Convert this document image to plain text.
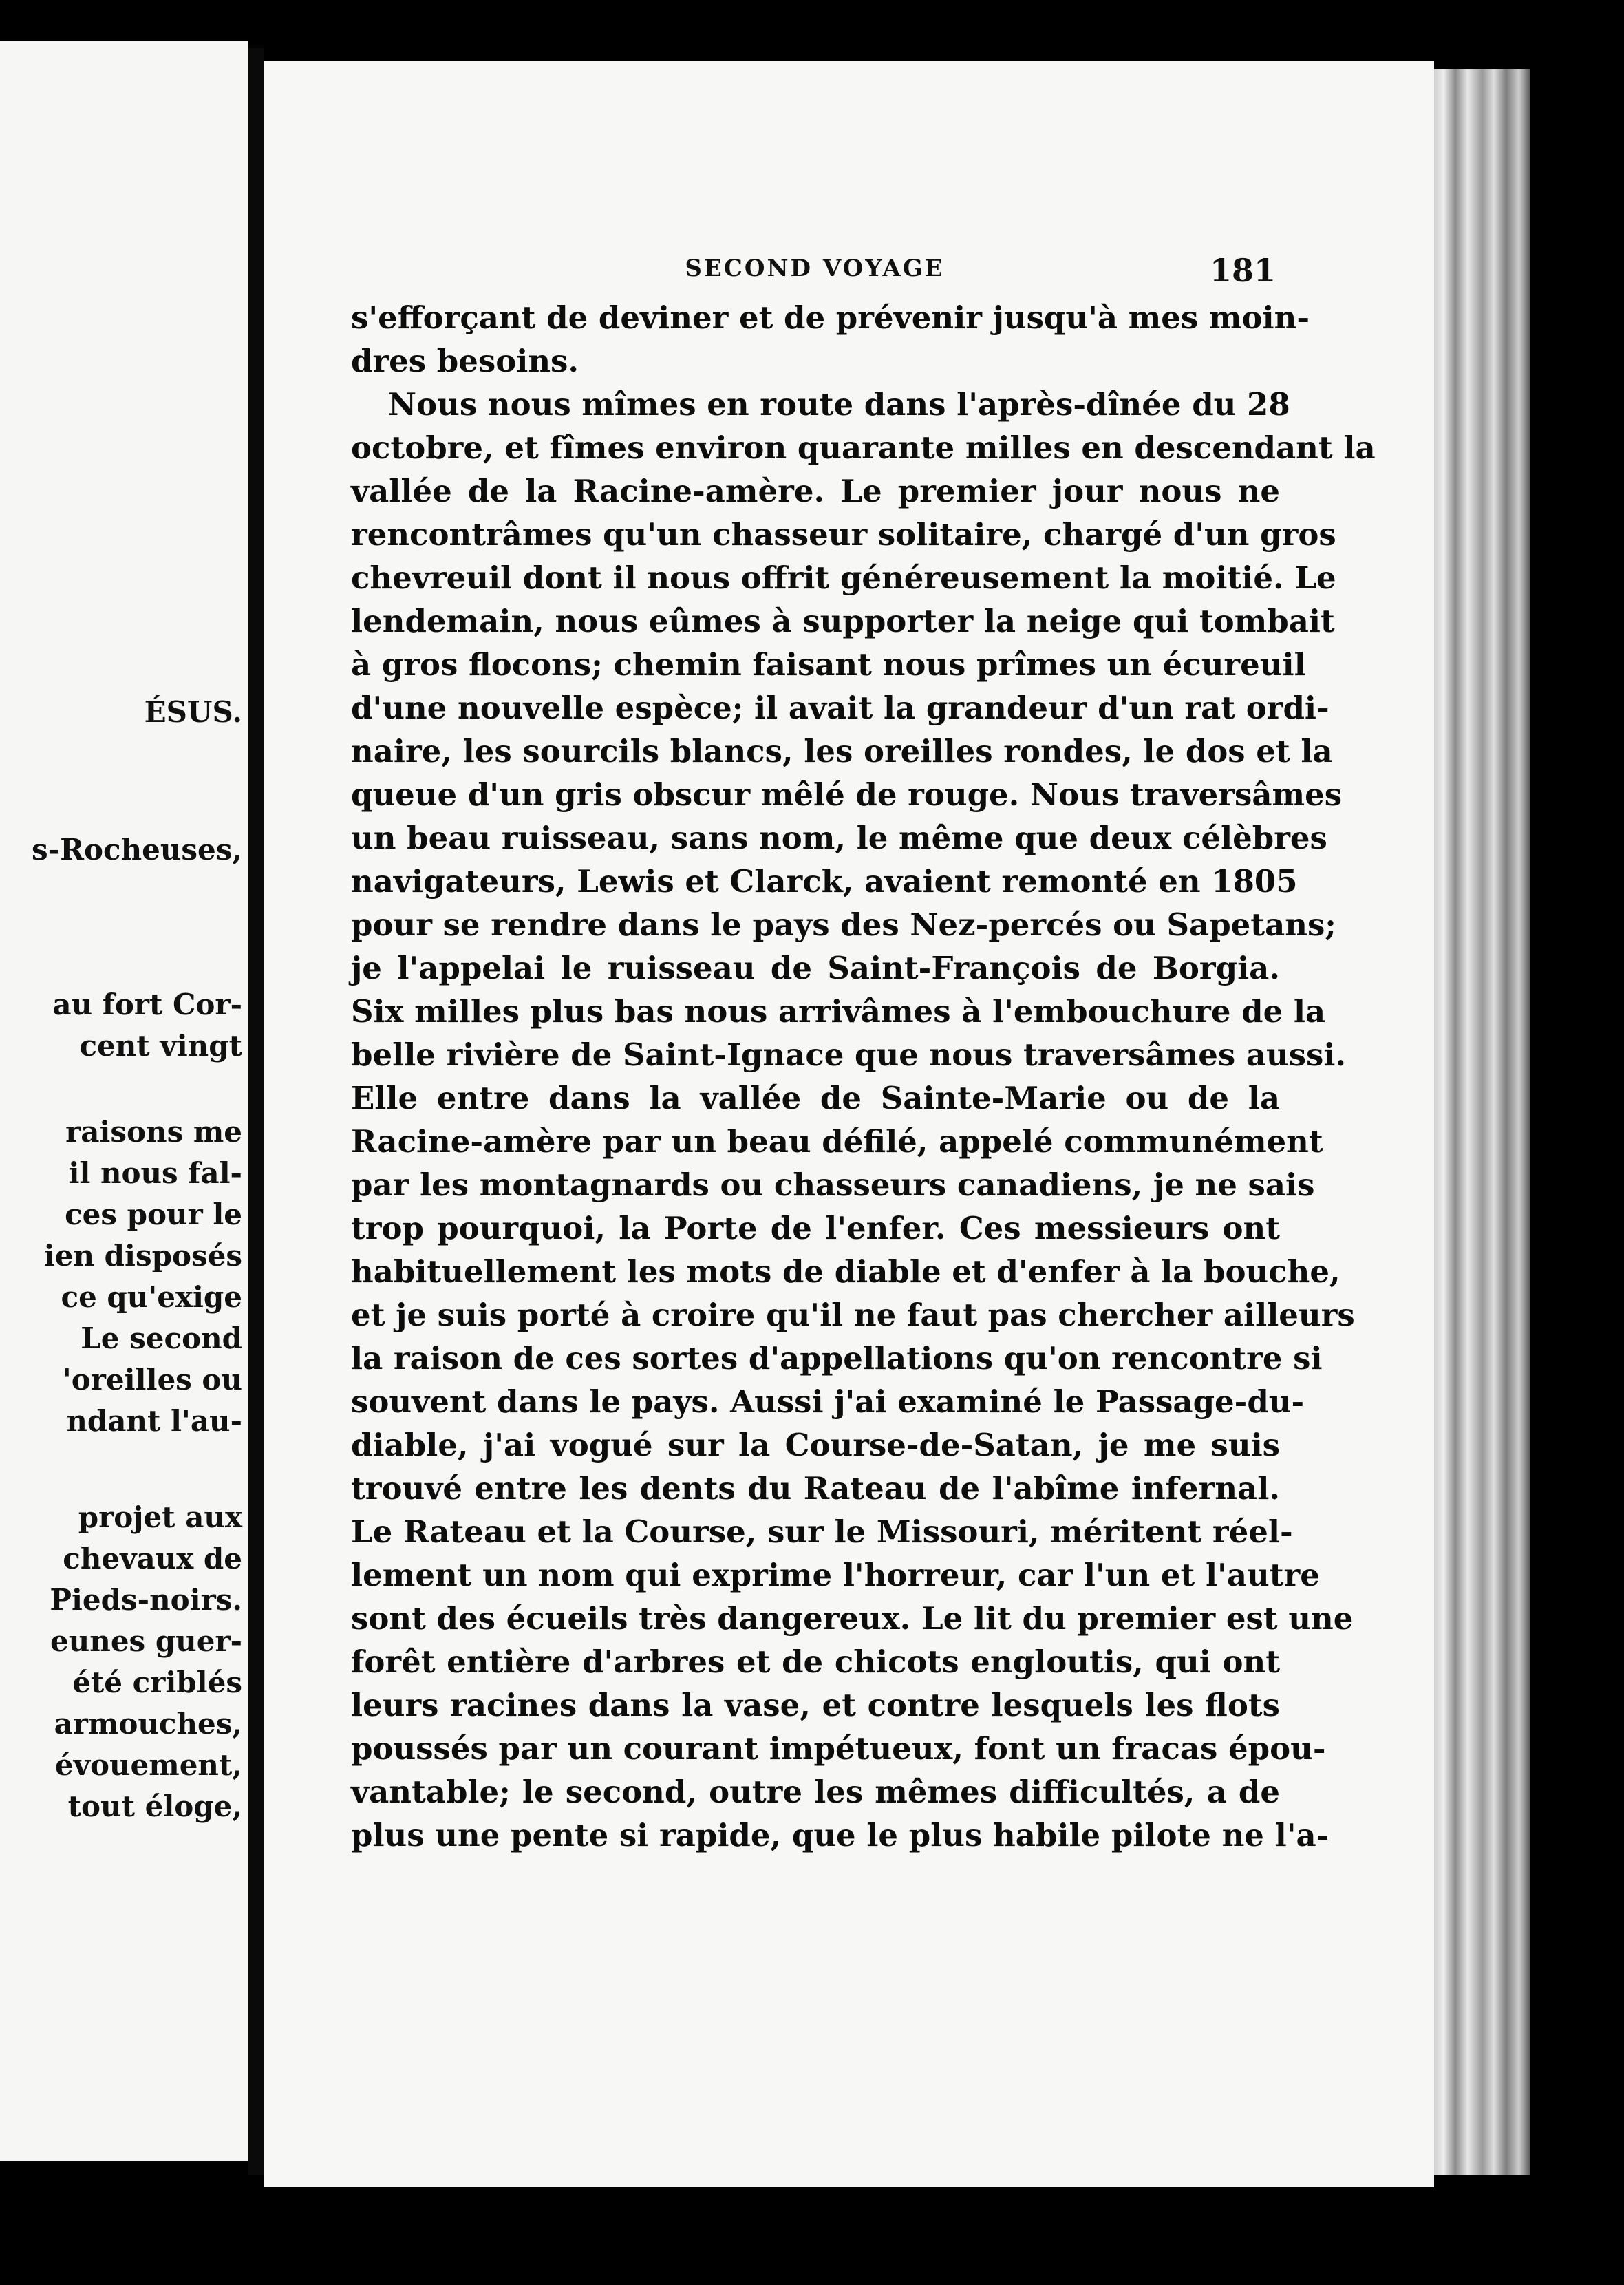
ÉSUS.
s-Rocheuses,
au fort Cor-
cent vingt
raisons me
il nous fal-
ces pour le
ien disposés
ce qu'exige
Le second
'oreilles ou
ndant l'au-
projet aux
chevaux de
Pieds-noirs.
eunes guer-
été criblés
armouches,
évouement,
tout éloge,
SECOND VOYAGE	181
s'efforçant de deviner et de prévenir jusqu'à mes moin-
dres besoins.
Nous nous mîmes en route dans l'après-dînée du 28
octobre, et fîmes environ quarante milles en descendant la
vallée de la Racine-amère. Le premier jour nous ne
rencontrâmes qu'un chasseur solitaire, chargé d'un gros
chevreuil dont il nous offrit généreusement la moitié. Le
lendemain, nous eûmes à supporter la neige qui tombait
à gros flocons; chemin faisant nous prîmes un écureuil
d'une nouvelle espèce; il avait la grandeur d'un rat ordi-
naire, les sourcils blancs, les oreilles rondes, le dos et la
queue d'un gris obscur mêlé de rouge. Nous traversâmes
un beau ruisseau, sans nom, le même que deux célèbres
navigateurs, Lewis et Clarck, avaient remonté en 1805
pour se rendre dans le pays des Nez-percés ou Sapetans;
je l'appelai le ruisseau de Saint-François de Borgia.
Six milles plus bas nous arrivâmes à l'embouchure de la
belle rivière de Saint-Ignace que nous traversâmes aussi.
Elle entre dans la vallée de Sainte-Marie ou de la
Racine-amère par un beau défilé, appelé communément
par les montagnards ou chasseurs canadiens, je ne sais
trop pourquoi, la Porte de l'enfer. Ces messieurs ont
habituellement les mots de diable et d'enfer à la bouche,
et je suis porté à croire qu'il ne faut pas chercher ailleurs
la raison de ces sortes d'appellations qu'on rencontre si
souvent dans le pays. Aussi j'ai examiné le Passage-du-
diable, j'ai vogué sur la Course-de-Satan, je me suis
trouvé entre les dents du Rateau de l'abîme infernal.
Le Rateau et la Course, sur le Missouri, méritent réel-
lement un nom qui exprime l'horreur, car l'un et l'autre
sont des écueils très dangereux. Le lit du premier est une
forêt entière d'arbres et de chicots engloutis, qui ont
leurs racines dans la vase, et contre lesquels les flots
poussés par un courant impétueux, font un fracas épou-
vantable; le second, outre les mêmes difficultés, a de
plus une pente si rapide, que le plus habile pilote ne l'a-
